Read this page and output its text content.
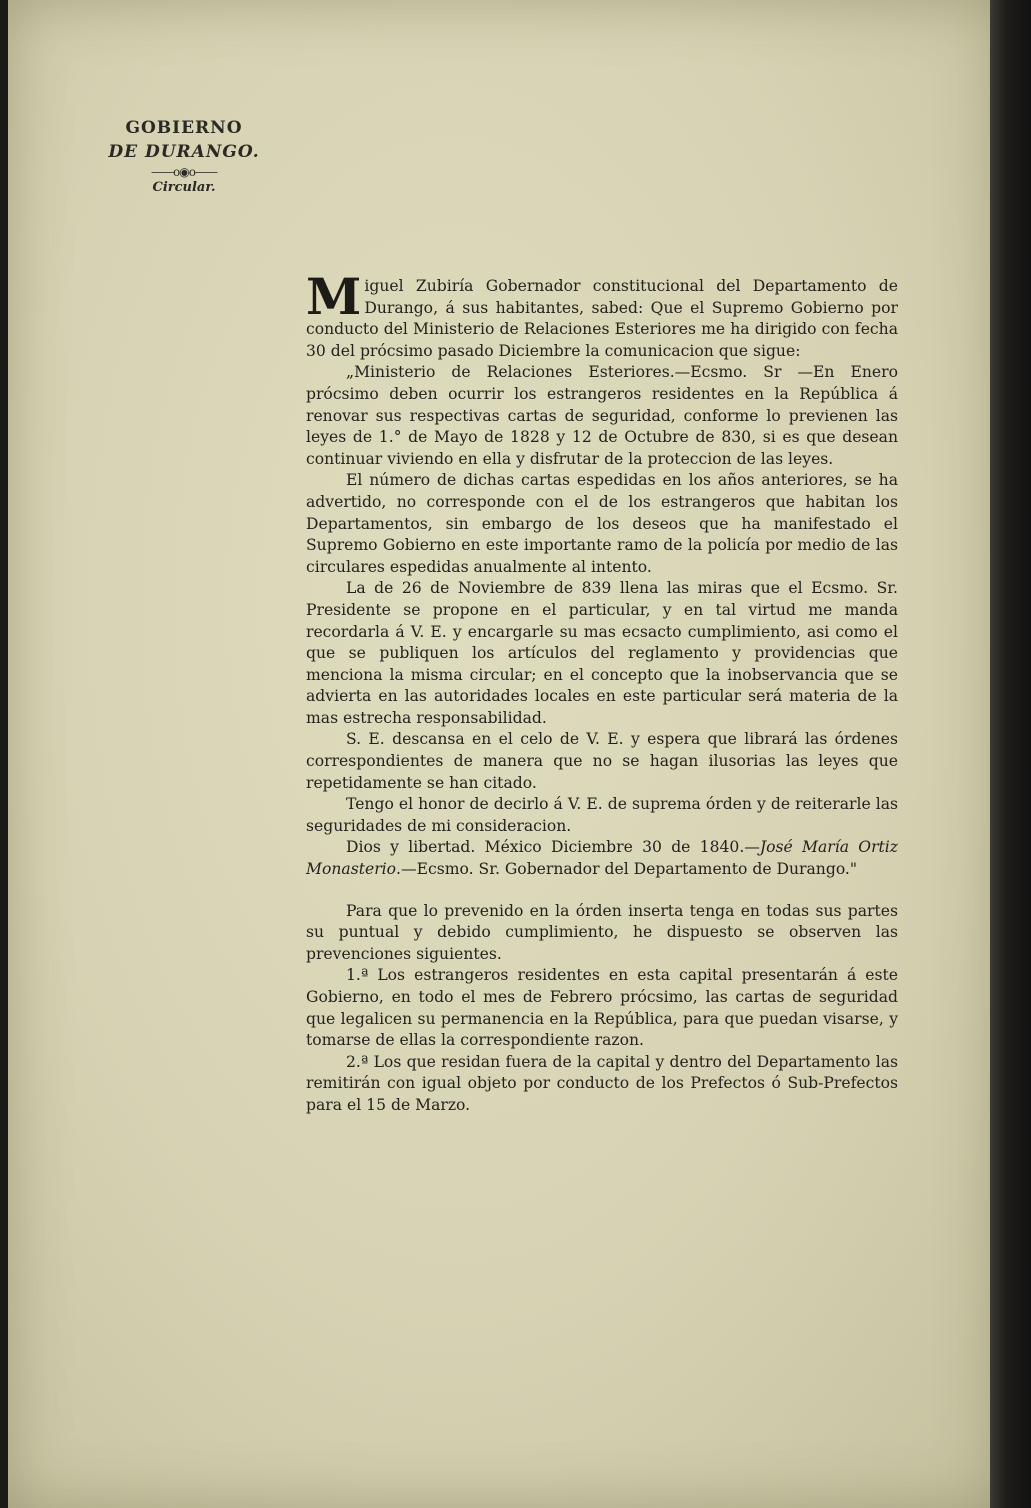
GOBIERNO
DE DURANGO.
——o◉o——
Circular.

Miguel Zubiría Gobernador constitucional del Departamento de Durango, á sus habitantes, sabed: Que el Supremo Gobierno por conducto del Ministerio de Relaciones Esteriores me ha dirigido con fecha 30 del prócsimo pasado Diciembre la comunicacion que sigue:

„Ministerio de Relaciones Esteriores.—Ecsmo. Sr —En Enero prócsimo deben ocurrir los estrangeros residentes en la República á renovar sus respectivas cartas de seguridad, conforme lo previenen las leyes de 1.° de Mayo de 1828 y 12 de Octubre de 830, si es que desean continuar viviendo en ella y disfrutar de la proteccion de las leyes.

El número de dichas cartas espedidas en los años anteriores, se ha advertido, no corresponde con el de los estrangeros que habitan los Departamentos, sin embargo de los deseos que ha manifestado el Supremo Gobierno en este importante ramo de la policía por medio de las circulares espedidas anualmente al intento.

La de 26 de Noviembre de 839 llena las miras que el Ecsmo. Sr. Presidente se propone en el particular, y en tal virtud me manda recordarla á V. E. y encargarle su mas ecsacto cumplimiento, asi como el que se publiquen los artículos del reglamento y providencias que menciona la misma circular; en el concepto que la inobservancia que se advierta en las autoridades locales en este particular será materia de la mas estrecha responsabilidad.

S. E. descansa en el celo de V. E. y espera que librará las órdenes correspondientes de manera que no se hagan ilusorias las leyes que repetidamente se han citado.

Tengo el honor de decirlo á V. E. de suprema órden y de reiterarle las seguridades de mi consideracion.

Dios y libertad. México Diciembre 30 de 1840.—José María Ortiz Monasterio.—Ecsmo. Sr. Gobernador del Departamento de Durango."

Para que lo prevenido en la órden inserta tenga en todas sus partes su puntual y debido cumplimiento, he dispuesto se observen las prevenciones siguientes.

1.ª Los estrangeros residentes en esta capital presentarán á este Gobierno, en todo el mes de Febrero prócsimo, las cartas de seguridad que legalicen su permanencia en la República, para que puedan visarse, y tomarse de ellas la correspondiente razon.

2.ª Los que residan fuera de la capital y dentro del Departamento las remitirán con igual objeto por conducto de los Prefectos ó Sub-Prefectos para el 15 de Marzo.
